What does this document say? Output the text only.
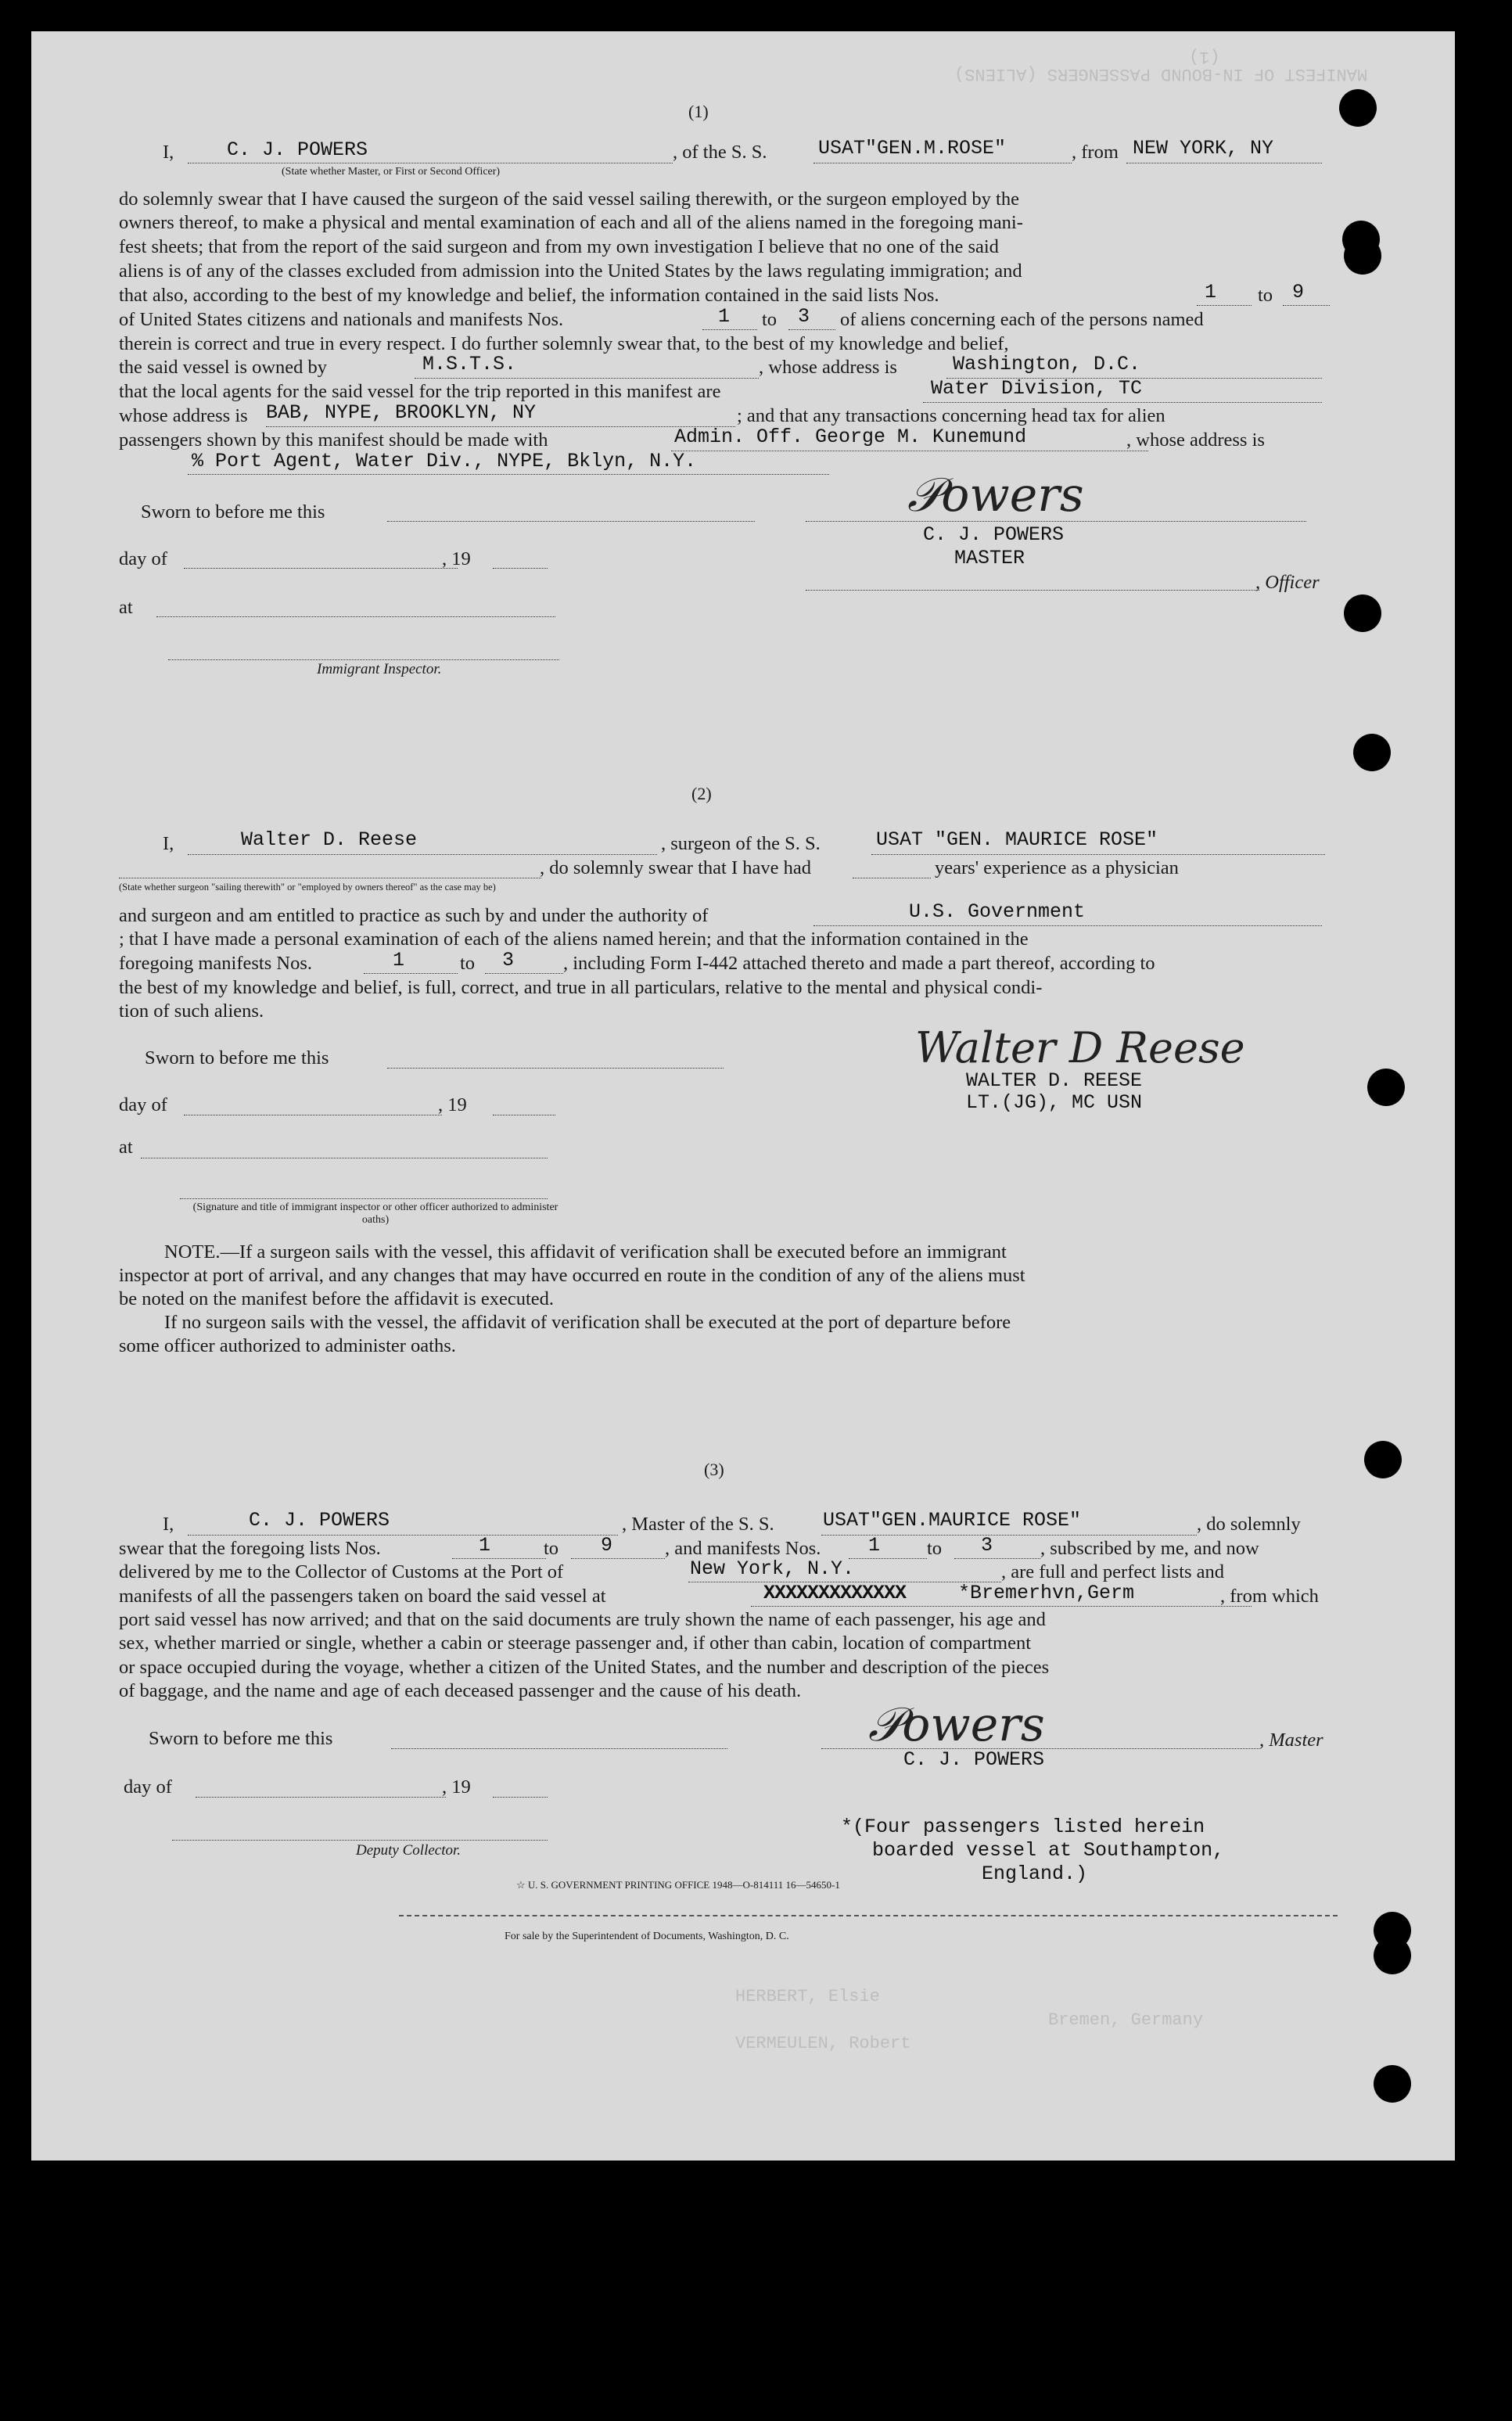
MANIFEST OF IN-BOUND PASSENGERS (ALIENS)
(1)
HERBERT, Elsie
VERMEULEN, Robert
Bremen, Germany
(1)
I,	C. J. POWERS	, of the S. S.	USAT"GEN.M.ROSE"	, from NEW YORK, NY
(State whether Master, or First or Second Officer)
do solemnly swear that I have caused the surgeon of the said vessel sailing therewith, or the surgeon employed by the
owners thereof, to make a physical and mental examination of each and all of the aliens named in the foregoing mani-
fest sheets; that from the report of the said surgeon and from my own investigation I believe that no one of the said
aliens is of any of the classes excluded from admission into the United States by the laws regulating immigration; and
that also, according to the best of my knowledge and belief, the information contained in the said lists Nos.	1 to 9
of United States citizens and nationals and manifests Nos.	1 to 3 of aliens concerning each of the persons named
therein is correct and true in every respect. I do further solemnly swear that, to the best of my knowledge and belief,
the said vessel is owned by	M.S.T.S.	, whose address is	Washington, D.C.
that the local agents for the said vessel for the trip reported in this manifest are	Water Division, TC
whose address is BAB, NYPE, BROOKLYN, NY	; and that any transactions concerning head tax for alien
passengers shown by this manifest should be made with	Admin. Off. George M. Kunemund	, whose address is
% Port Agent, Water Div., NYPE, Bklyn, N.Y.
Sworn to before me this
day of	, 19
at
Immigrant Inspector.
𝒫owers
C. J. POWERS
MASTER
, Officer
(2)
I,	Walter D. Reese	, surgeon of the S. S.	USAT "GEN. MAURICE ROSE"
, do solemnly swear that I have had	years' experience as a physician
(State whether surgeon "sailing therewith" or "employed by owners thereof" as the case may be)
and surgeon and am entitled to practice as such by and under the authority of	U.S. Government
; that I have made a personal examination of each of the aliens named herein; and that the information contained in the
foregoing manifests Nos.	1	to 3	, including Form I-442 attached thereto and made a part thereof, according to
the best of my knowledge and belief, is full, correct, and true in all particulars, relative to the mental and physical condi-
tion of such aliens.
Sworn to before me this
day of	, 19
at
(Signature and title of immigrant inspector or other officer authorized to administer oaths)
Walter D Reese
WALTER D. REESE
LT.(JG), MC USN
NOTE.—If a surgeon sails with the vessel, this affidavit of verification shall be executed before an immigrant
inspector at port of arrival, and any changes that may have occurred en route in the condition of any of the aliens must
be noted on the manifest before the affidavit is executed.
If no surgeon sails with the vessel, the affidavit of verification shall be executed at the port of departure before
some officer authorized to administer oaths.
(3)
I,	C. J. POWERS	, Master of the S. S. USAT"GEN.MAURICE ROSE"	, do solemnly
swear that the foregoing lists Nos.	1	to 9	, and manifests Nos. 1 to 3 , subscribed by me, and now
delivered by me to the Collector of Customs at the Port of	New York, N.Y.	, are full and perfect lists and
manifests of all the passengers taken on board the said vessel at	XXXXXXXXXXXXX	*Bremerhvn,Germ	, from which
port said vessel has now arrived; and that on the said documents are truly shown the name of each passenger, his age and
sex, whether married or single, whether a cabin or steerage passenger and, if other than cabin, location of compartment
or space occupied during the voyage, whether a citizen of the United States, and the number and description of the pieces
of baggage, and the name and age of each deceased passenger and the cause of his death.
Sworn to before me this
day of	, 19
Deputy Collector.
𝒫owers	, Master
C. J. POWERS
*(Four passengers listed herein
boarded vessel at Southampton,
England.)
☆ U. S. GOVERNMENT PRINTING OFFICE 1948—O-814111 16—54650-1
For sale by the Superintendent of Documents, Washington, D. C.
